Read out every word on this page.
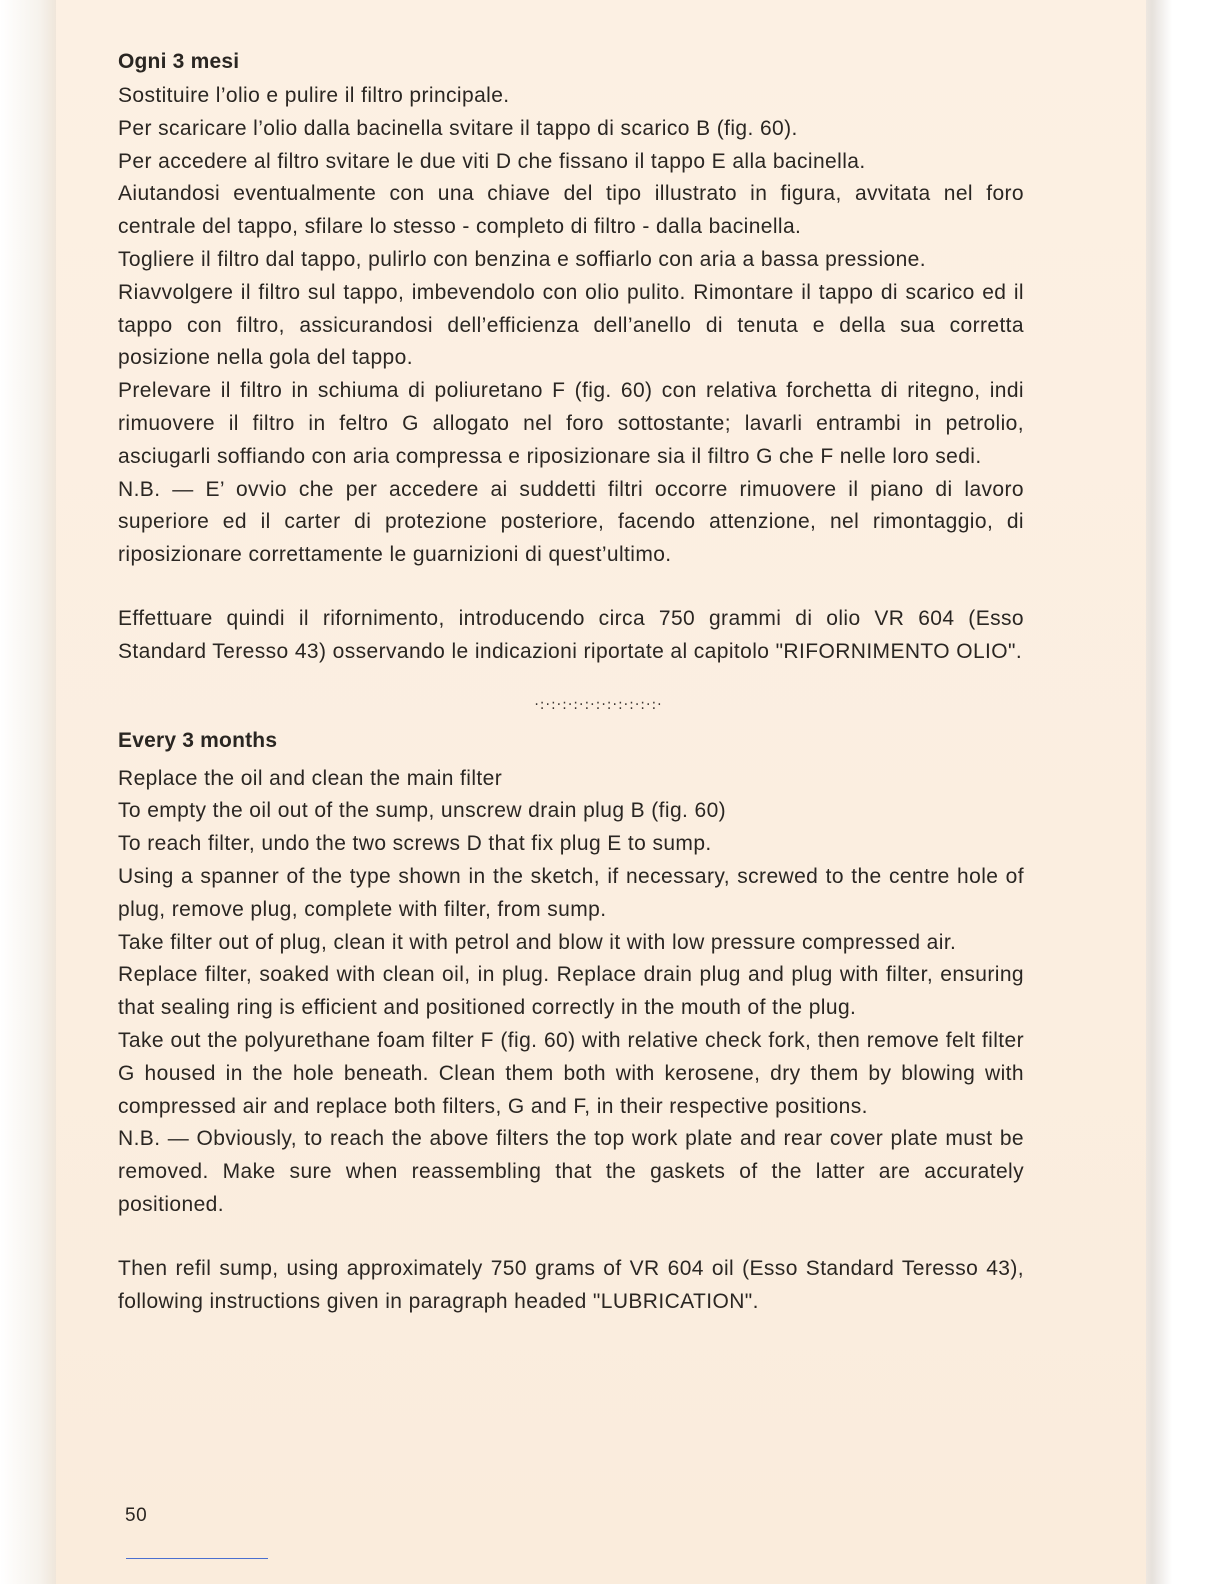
Ogni 3 mesi

Sostituire l’olio e pulire il filtro principale.

Per scaricare l’olio dalla bacinella svitare il tappo di scarico B (fig. 60).

Per accedere al filtro svitare le due viti D che fissano il tappo E alla bacinella.

Aiutandosi eventualmente con una chiave del tipo illustrato in figura, avvitata nel foro centrale del tappo, sfilare lo stesso - completo di filtro - dalla bacinella.

Togliere il filtro dal tappo, pulirlo con benzina e soffiarlo con aria a bassa pressione.

Riavvolgere il filtro sul tappo, imbevendolo con olio pulito. Rimontare il tappo di scarico ed il tappo con filtro, assicurandosi dell’efficienza dell’anello di tenuta e della sua corretta posizione nella gola del tappo.

Prelevare il filtro in schiuma di poliuretano F (fig. 60) con relativa forchetta di ritegno, indi rimuovere il filtro in feltro G allogato nel foro sottostante; lavarli entrambi in petrolio, asciugarli soffiando con aria compressa e riposizionare sia il filtro G che F nelle loro sedi.

N.B. — E’ ovvio che per accedere ai suddetti filtri occorre rimuovere il piano di lavoro superiore ed il carter di protezione posteriore, facendo attenzione, nel rimontaggio, di riposizionare correttamente le guarnizioni di quest’ultimo.

Effettuare quindi il rifornimento, introducendo circa 750 grammi di olio VR 604 (Esso Standard Teresso 43) osservando le indicazioni riportate al capitolo "RIFORNIMENTO OLIO".

·:·:·:·:·:·:·:·:·:·:·:·
Every 3 months

Replace the oil and clean the main filter

To empty the oil out of the sump, unscrew drain plug B (fig. 60)

To reach filter, undo the two screws D that fix plug E to sump.

Using a spanner of the type shown in the sketch, if necessary, screwed to the centre hole of plug, remove plug, complete with filter, from sump.

Take filter out of plug, clean it with petrol and blow it with low pressure compressed air.

Replace filter, soaked with clean oil, in plug. Replace drain plug and plug with filter, ensuring that sealing ring is efficient and positioned correctly in the mouth of the plug.

Take out the polyurethane foam filter F (fig. 60) with relative check fork, then remove felt filter G housed in the hole beneath. Clean them both with kerosene, dry them by blowing with compressed air and replace both filters, G and F, in their respective positions.

N.B. — Obviously, to reach the above filters the top work plate and rear cover plate must be removed. Make sure when reassembling that the gaskets of the latter are accurately positioned.

Then refil sump, using approximately 750 grams of VR 604 oil (Esso Standard Teresso 43), following instructions given in paragraph headed "LUBRICATION".

50
